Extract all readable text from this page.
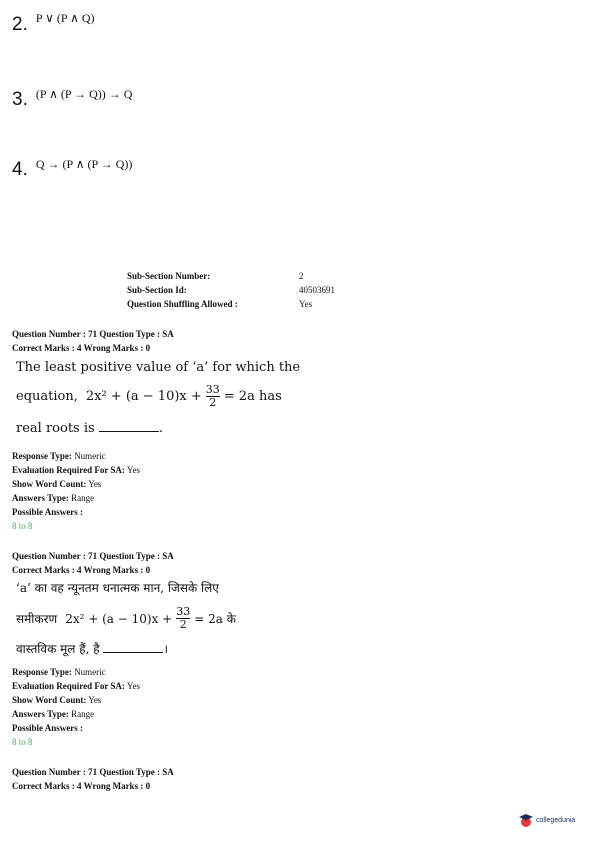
2. $^{P \vee (P \wedge Q)}$
3. $^{(P \wedge (P \to Q)) \to Q}$
4. $^{Q \to (P \wedge (P \to Q))}$
Sub-Section Number:	2
Sub-Section Id:	40503691
Question Shuffling Allowed :	Yes
Question Number : 71 Question Type : SA
Correct Marks : 4 Wrong Marks : 0
The least positive value of ‘a’ for which the
equation, $2x^2 + (a - 10)x + \frac{33}{2} = 2a$ has
real roots is	.
Response Type: Numeric
Evaluation Required For SA: Yes
Show Word Count: Yes
Answers Type: Range
Possible Answers :
8 to 8
Question Number : 71 Question Type : SA
Correct Marks : 4 Wrong Marks : 0
‘a’ का वह न्यूनतम धनात्मक मान, जिसके लिए
समीकरण $2x^2 + (a - 10)x + \frac{33}{2} = 2a$ के
वास्तविक मूल हैं, है	।
Response Type: Numeric
Evaluation Required For SA: Yes
Show Word Count: Yes
Answers Type: Range
Possible Answers :
8 to 8
Question Number : 71 Question Type : SA
Correct Marks : 4 Wrong Marks : 0
collegedunia
